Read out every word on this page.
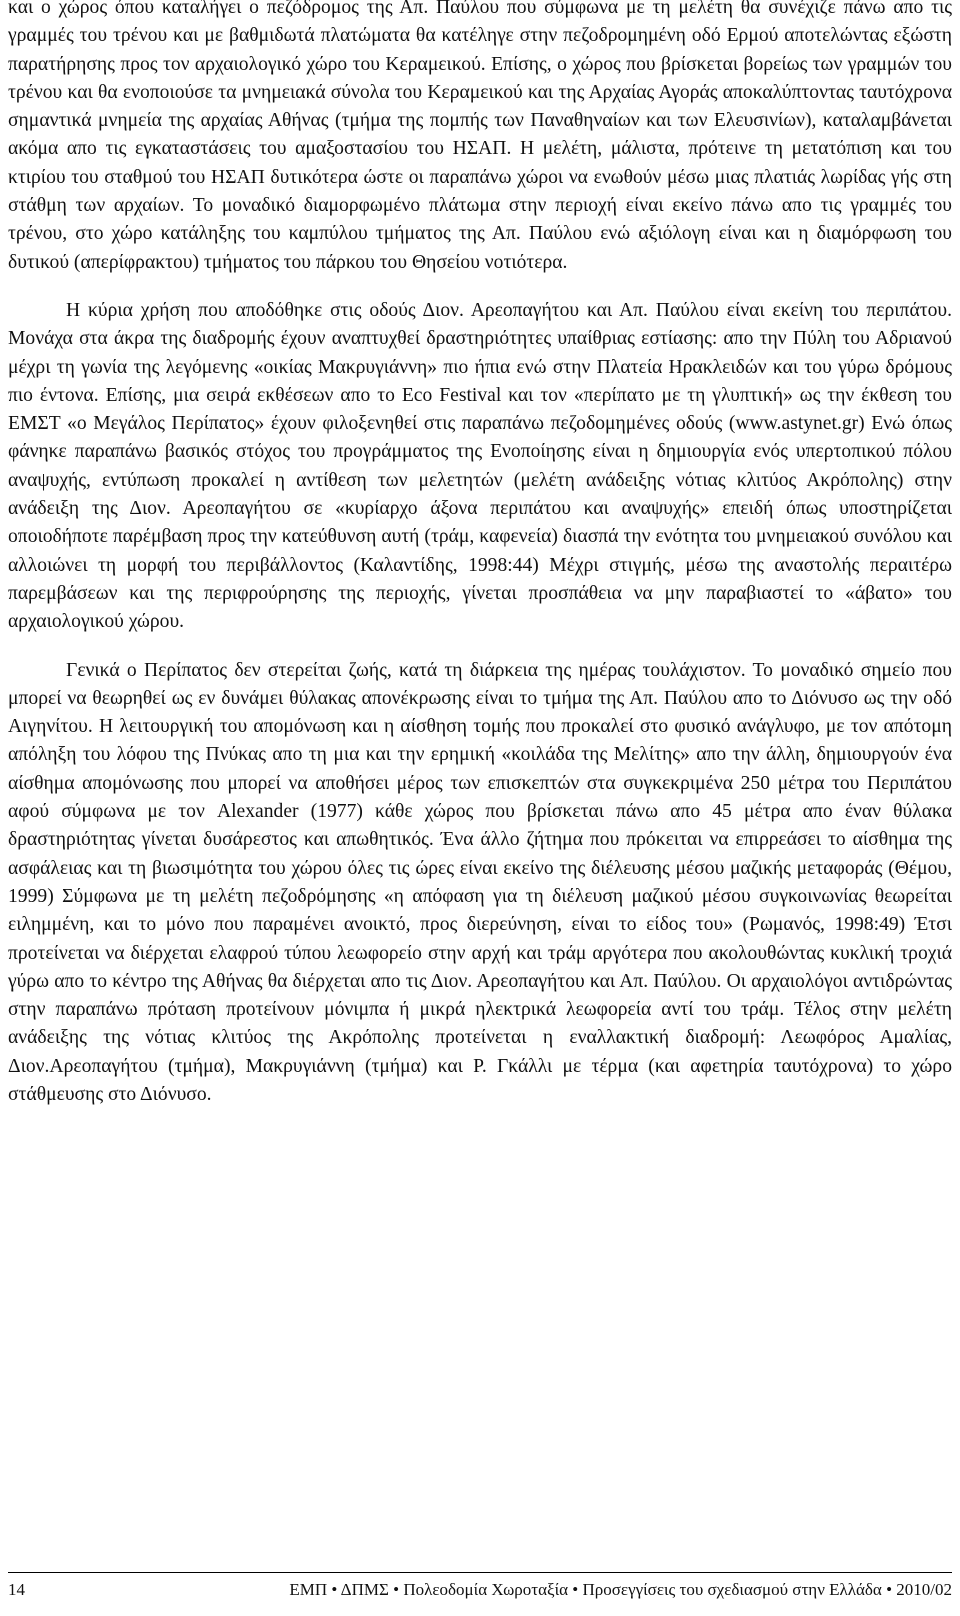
και ο χώρος όπου καταλήγει ο πεζόδρομος της Απ. Παύλου που σύμφωνα με τη μελέτη θα συνέχιζε πάνω απο τις γραμμές του τρένου και με βαθμιδωτά πλατώματα θα κατέληγε στην πεζοδρομημένη οδό Ερμού αποτελώντας εξώστη παρατήρησης προς τον αρχαιολογικό χώρο του Κεραμεικού. Επίσης, ο χώρος που βρίσκεται βορείως των γραμμών του τρένου και θα ενοποιούσε τα μνημειακά σύνολα του Κεραμεικού και της Αρχαίας Αγοράς αποκαλύπτοντας ταυτόχρονα σημαντικά μνημεία της αρχαίας Αθήνας (τμήμα της πομπής των Παναθηναίων και των Ελευσινίων), καταλαμβάνεται ακόμα απο τις εγκαταστάσεις του αμαξοστασίου του ΗΣΑΠ. Η μελέτη, μάλιστα, πρότεινε τη μετατόπιση και του κτιρίου του σταθμού του ΗΣΑΠ δυτικότερα ώστε οι παραπάνω χώροι να ενωθούν μέσω μιας πλατιάς λωρίδας γής στη στάθμη των αρχαίων. Το μοναδικό διαμορφωμένο πλάτωμα στην περιοχή είναι εκείνο πάνω απο τις γραμμές του τρένου, στο χώρο κατάληξης του καμπύλου τμήματος της Απ. Παύλου ενώ αξιόλογη είναι και η διαμόρφωση του δυτικού (απερίφρακτου) τμήματος του πάρκου του Θησείου νοτιότερα.

Η κύρια χρήση που αποδόθηκε στις οδούς Διον. Αρεοπαγήτου και Απ. Παύλου είναι εκείνη του περιπάτου. Μονάχα στα άκρα της διαδρομής έχουν αναπτυχθεί δραστηριότητες υπαίθριας εστίασης: απο την Πύλη του Αδριανού μέχρι τη γωνία της λεγόμενης «οικίας Μακρυγιάννη» πιο ήπια ενώ στην Πλατεία Ηρακλειδών και του γύρω δρόμους πιο έντονα. Επίσης, μια σειρά εκθέσεων απο το Eco Festival και τον «περίπατο με τη γλυπτική» ως την έκθεση του ΕΜΣΤ «ο Μεγάλος Περίπατος» έχουν φιλοξενηθεί στις παραπάνω πεζοδομημένες οδούς (www.astynet.gr) Ενώ όπως φάνηκε παραπάνω βασικός στόχος του προγράμματος της Ενοποίησης είναι η δημιουργία ενός υπερτοπικού πόλου αναψυχής, εντύπωση προκαλεί η αντίθεση των μελετητών (μελέτη ανάδειξης νότιας κλιτύος Ακρόπολης) στην ανάδειξη της Διον. Αρεοπαγήτου σε «κυρίαρχο άξονα περιπάτου και αναψυχής» επειδή όπως υποστηρίζεται οποιοδήποτε παρέμβαση προς την κατεύθυνση αυτή (τράμ, καφενεία) διασπά την ενότητα του μνημειακού συνόλου και αλλοιώνει τη μορφή του περιβάλλοντος (Καλαντίδης, 1998:44) Μέχρι στιγμής, μέσω της αναστολής περαιτέρω παρεμβάσεων και της περιφρούρησης της περιοχής, γίνεται προσπάθεια να μην παραβιαστεί το «άβατο» του αρχαιολογικού χώρου.

Γενικά ο Περίπατος δεν στερείται ζωής, κατά τη διάρκεια της ημέρας τουλάχιστον. Το μοναδικό σημείο που μπορεί να θεωρηθεί ως εν δυνάμει θύλακας απονέκρωσης είναι το τμήμα της Απ. Παύλου απο το Διόνυσο ως την οδό Αιγηνίτου. Η λειτουργική του απομόνωση και η αίσθηση τομής που προκαλεί στο φυσικό ανάγλυφο, με τον απότομη απόληξη του λόφου της Πνύκας απο τη μια και την ερημική «κοιλάδα της Μελίτης» απο την άλλη, δημιουργούν ένα αίσθημα απομόνωσης που μπορεί να αποθήσει μέρος των επισκεπτών στα συγκεκριμένα 250 μέτρα του Περιπάτου αφού σύμφωνα με τον Alexander (1977) κάθε χώρος που βρίσκεται πάνω απο 45 μέτρα απο έναν θύλακα δραστηριότητας γίνεται δυσάρεστος και απωθητικός. Ένα άλλο ζήτημα που πρόκειται να επιρρεάσει το αίσθημα της ασφάλειας και τη βιωσιμότητα του χώρου όλες τις ώρες είναι εκείνο της διέλευσης μέσου μαζικής μεταφοράς (Θέμου, 1999) Σύμφωνα με τη μελέτη πεζοδρόμησης «η απόφαση για τη διέλευση μαζικού μέσου συγκοινωνίας θεωρείται ειλημμένη, και το μόνο που παραμένει ανοικτό, προς διερεύνηση, είναι το είδος του» (Ρωμανός, 1998:49) Έτσι προτείνεται να διέρχεται ελαφρού τύπου λεωφορείο στην αρχή και τράμ αργότερα που ακολουθώντας κυκλική τροχιά γύρω απο το κέντρο της Αθήνας θα διέρχεται απο τις Διον. Αρεοπαγήτου και Απ. Παύλου. Οι αρχαιολόγοι αντιδρώντας στην παραπάνω πρόταση προτείνουν μόνιμπα ή μικρά ηλεκτρικά λεωφορεία αντί του τράμ. Τέλος στην μελέτη ανάδειξης της νότιας κλιτύος της Ακρόπολης προτείνεται η εναλλακτική διαδρομή: Λεωφόρος Αμαλίας, Διον.Αρεοπαγήτου (τμήμα), Μακρυγιάννη (τμήμα) και Ρ. Γκάλλι με τέρμα (και αφετηρία ταυτόχρονα) το χώρο στάθμευσης στο Διόνυσο.

14	ΕΜΠ • ΔΠΜΣ • Πολεοδομία Χωροταξία • Προσεγγίσεις του σχεδιασμού στην Ελλάδα • 2010/02
